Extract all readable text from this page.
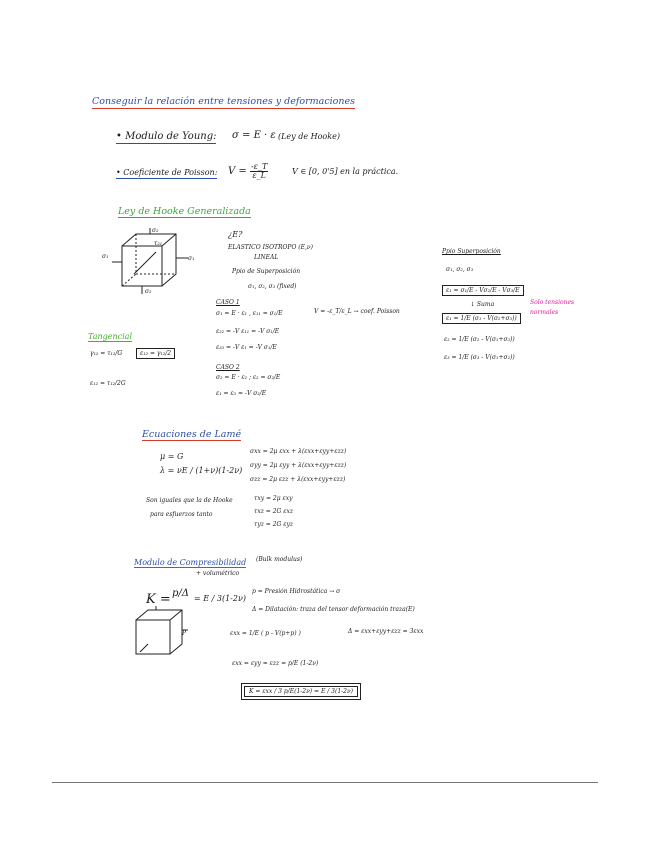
Conseguir la relación entre tensiones y deformaciones
• Modulo de Young: σ = E · ε (Ley de Hooke)
• Coeficiente de Poisson: $V = \frac{-\varepsilon\_T}{\varepsilon\_L}$	V ∈ [0, 0'5] en la práctica.
Ley de Hooke Generalizada
σ₂
τ₂₁
σ₁	σ₁
σ₂
¿E?
ELASTICO ISOTROPO (E,ν)
LINEAL
Ppio de Superposición
σ₁, σ₂, σ₃ (fixed)
CASO 1
σ₁ = E · ε₁ , ε₁₁ = σ₁/E	V = -ε_T/ε_L → coef. Poisson
ε₂₂ = -V ε₁₁ = -V σ₁/E
ε₃₃ = -V ε₁ = -V σ₁/E
CASO 2
σ₂ = E · ε₂ ; ε₂ = σ₂/E
ε₁ = ε₃ = -V σ₂/E
Ppio Superposición
σ₁, σ₂, σ₃
ε₁ = σ₁/E - Vσ₂/E - Vσ₃/E
↓ Suma
ε₁ = 1/E (σ₁ - V(σ₂+σ₃))
ε₂ = 1/E (σ₂ - V(σ₁+σ₃))
ε₃ = 1/E (σ₃ - V(σ₁+σ₂))
Solo tensiones normales
Tangencial
γ₁₂ = τ₁₂/G	ε₁₂ = γ₁₂/2
ε₁₂ = τ₁₂/2G
Ecuaciones de Lamé
μ = G
λ = νE / (1+ν)(1-2ν)
σxx = 2μ εxx + λ(εxx+εyy+εzz)
σyy = 2μ εyy + λ(εxx+εyy+εzz)
σzz = 2μ εzz + λ(εxx+εyy+εzz)
Son iguales que la de Hooke
para esfuerzos tanto
τxy = 2μ εxy
τxz = 2G εxz
τyz = 2G εyz
Modulo de Compresibilidad (Bulk modulus)
+ volumétrico
K = p/Δ = E / 3(1-2ν)
p = Presión Hidrostática → σ
Δ = Dilatación: traza del tensor deformación traza(E)
P	εxx = 1/E ( p - V(p+p) )	Δ = εxx+εyy+εzz = 3εxx
εxx = εyy = εzz = p/E (1-2ν)
K = εxx / 3 p/E(1-2ν) = E / 3(1-2ν)
